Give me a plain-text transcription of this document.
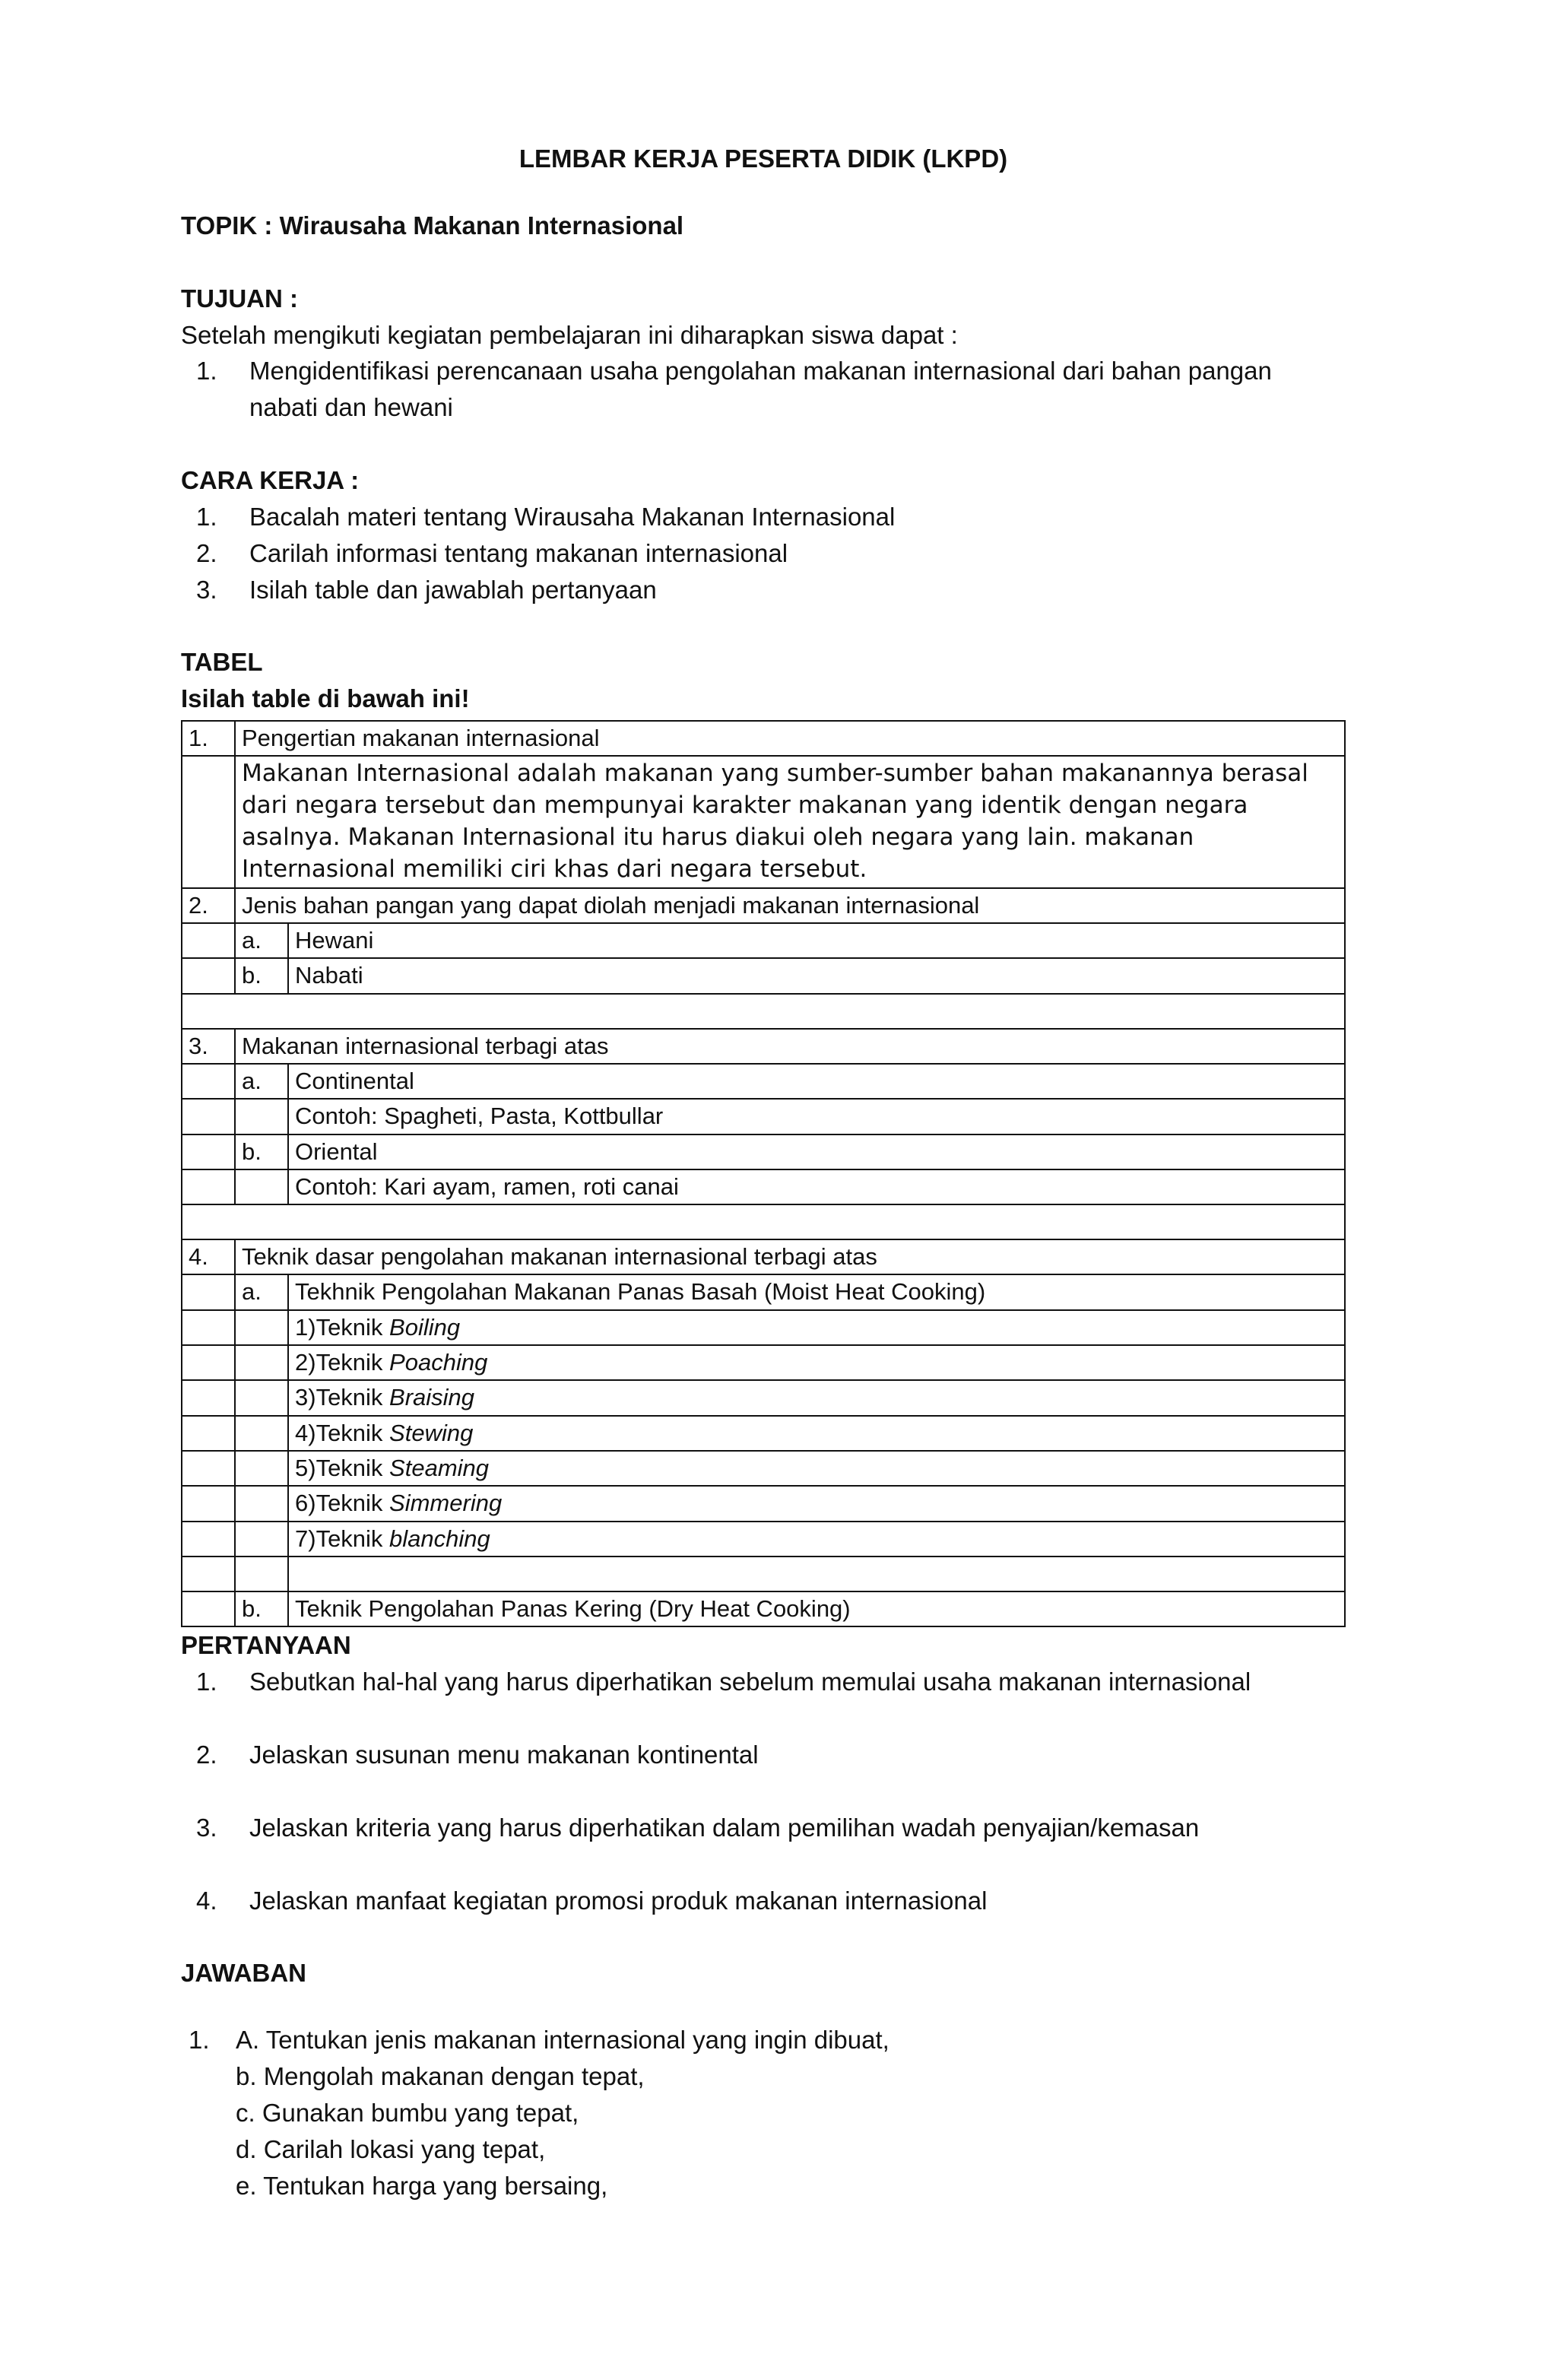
LEMBAR KERJA PESERTA DIDIK (LKPD)

TOPIK : Wirausaha Makanan Internasional

TUJUAN :

Setelah mengikuti kegiatan pembelajaran ini diharapkan siswa dapat :

1. Mengidentifikasi perencanaan usaha pengolahan makanan internasional dari bahan pangan nabati dan hewani

CARA KERJA :

1. Bacalah materi tentang Wirausaha Makanan Internasional
2. Carilah informasi tentang makanan internasional
3. Isilah table dan jawablah pertanyaan

TABEL

Isilah table di bawah ini!

1.	Pengertian makanan internasional	
	Makanan Internasional adalah makanan yang sumber-sumber bahan makanannya berasal dari negara tersebut dan mempunyai karakter makanan yang identik dengan negara asalnya. Makanan Internasional itu harus diakui oleh negara yang lain. makanan Internasional memiliki ciri khas dari negara tersebut.	
2.	Jenis bahan pangan yang dapat diolah menjadi makanan internasional	
	a.	Hewani
	b.	Nabati

3.	Makanan internasional terbagi atas	
	a.	Continental
		Contoh: Spagheti, Pasta, Kottbullar
	b.	Oriental
		Contoh: Kari ayam, ramen, roti canai

4.	Teknik dasar pengolahan makanan internasional terbagi atas	
	a.	Tekhnik Pengolahan Makanan Panas Basah (Moist Heat Cooking)
		1)Teknik Boiling
		2)Teknik Poaching
		3)Teknik Braising
		4)Teknik Stewing
		5)Teknik Steaming
		6)Teknik Simmering
		7)Teknik blanching

	b.	Teknik Pengolahan Panas Kering (Dry Heat Cooking)

PERTANYAAN

1. Sebutkan hal-hal yang harus diperhatikan sebelum memulai usaha makanan internasional
2. Jelaskan susunan menu makanan kontinental
3. Jelaskan kriteria yang harus diperhatikan dalam pemilihan wadah penyajian/kemasan
4. Jelaskan manfaat kegiatan promosi produk makanan internasional

JAWABAN

1. A. Tentukan jenis makanan internasional yang ingin dibuat,
b. Mengolah makanan dengan tepat,
c. Gunakan bumbu yang tepat,
d. Carilah lokasi yang tepat,
e. Tentukan harga yang bersaing,
